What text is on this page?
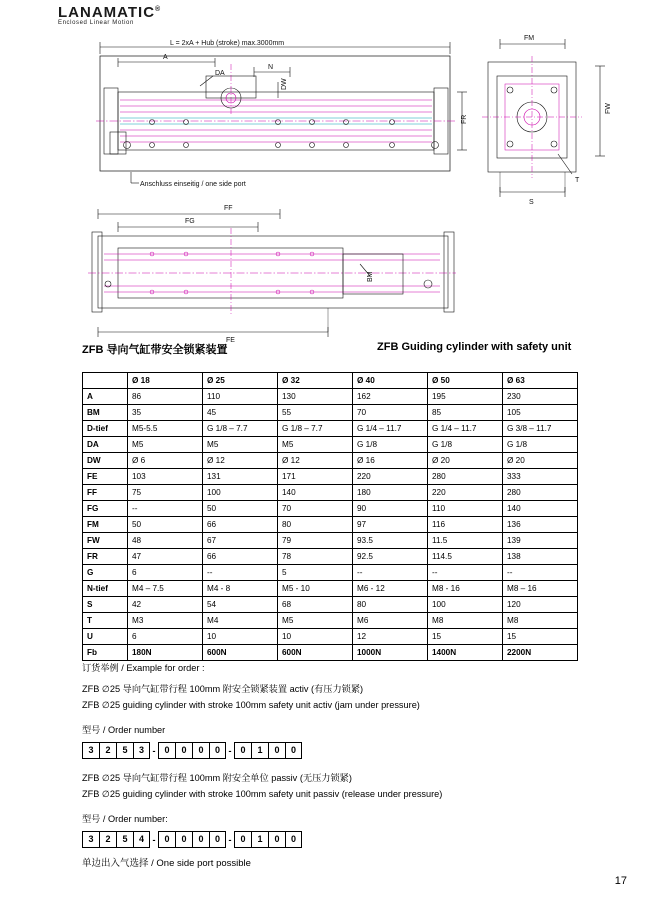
LANAMATIC®
Enclosed Linear Motion
L = 2xA + Hub (stroke) max.3000mm
A
N
DA
DW
FR
FM
FW
S
T
Anschluss einseitig / one side port
FF
FG
FE
BM
ZFB 导向气缸带安全锁紧装置	ZFB Guiding cylinder with safety unit
	Ø 18	Ø 25	Ø 32	Ø 40	Ø 50	Ø 63
A	86	110	130	162	195	230
BM	35	45	55	70	85	105
D-tief	M5-5.5	G 1/8 – 7.7	G 1/8 – 7.7	G 1/4 – 11.7	G 1/4 – 11.7	G 3/8 – 11.7
DA	M5	M5	M5	G 1/8	G 1/8	G 1/8
DW	Ø 6	Ø 12	Ø 12	Ø 16	Ø 20	Ø 20
FE	103	131	171	220	280	333
FF	75	100	140	180	220	280
FG	--	50	70	90	110	140
FM	50	66	80	97	116	136
FW	48	67	79	93.5	11.5	139
FR	47	66	78	92.5	114.5	138
G	6	--	5	--	--	--
N-tief	M4 – 7.5	M4 - 8	M5 - 10	M6 - 12	M8 - 16	M8 – 16
S	42	54	68	80	100	120
T	M3	M4	M5	M6	M8	M8
U	6	10	10	12	15	15
Fb	180N	600N	600N	1000N	1400N	2200N
订货举例 / Example for order :
ZFB ∅25 导向气缸带行程 100mm 附安全锁紧装置 activ (有压力锁紧)
ZFB ∅25 guiding cylinder with stroke 100mm safety unit activ (jam under pressure)
型号 / Order number
3	2	5	3 - 0	0	0	0 - 0	1	0	0
ZFB ∅25 导向气缸带行程 100mm 附安全单位 passiv (无压力锁紧)
ZFB ∅25 guiding cylinder with stroke 100mm safety unit passiv (release under pressure)
型号 / Order number:
3	2	5	4 - 0	0	0	0 - 0	1	0	0
单边出入气选择 / One side port possible
17
